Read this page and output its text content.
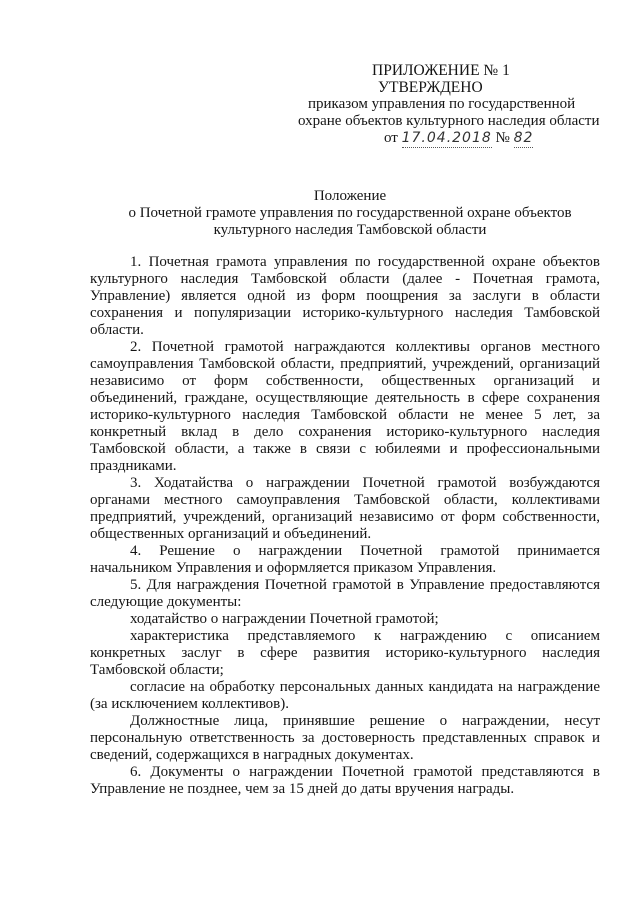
ПРИЛОЖЕНИЕ № 1
УТВЕРЖДЕНО
приказом управления по государственной
охране объектов культурного наследия области
от 17.04.2018 № 82
Положение
о Почетной грамоте управления по государственной охране объектов
культурного наследия Тамбовской области

1. Почетная грамота управления по государственной охране объектов культурного наследия Тамбовской области (далее - Почетная грамота, Управление) является одной из форм поощрения за заслуги в области сохранения и популяризации историко-культурного наследия Тамбовской области.

2. Почетной грамотой награждаются коллективы органов местного самоуправления Тамбовской области, предприятий, учреждений, организаций независимо от форм собственности, общественных организаций и объединений, граждане, осуществляющие деятельность в сфере сохранения историко-культурного наследия Тамбовской области не менее 5 лет, за конкретный вклад в дело сохранения историко-культурного наследия Тамбовской области, а также в связи с юбилеями и профессиональными праздниками.

3. Ходатайства о награждении Почетной грамотой возбуждаются органами местного самоуправления Тамбовской области, коллективами предприятий, учреждений, организаций независимо от форм собственности, общественных организаций и объединений.

4. Решение о награждении Почетной грамотой принимается начальником Управления и оформляется приказом Управления.

5. Для награждения Почетной грамотой в Управление предоставляются следующие документы:

ходатайство о награждении Почетной грамотой;

характеристика представляемого к награждению с описанием конкретных заслуг в сфере развития историко-культурного наследия Тамбовской области;

согласие на обработку персональных данных кандидата на награждение (за исключением коллективов).

Должностные лица, принявшие решение о награждении, несут персональную ответственность за достоверность представленных справок и сведений, содержащихся в наградных документах.

6. Документы о награждении Почетной грамотой представляются в Управление не позднее, чем за 15 дней до даты вручения награды.
